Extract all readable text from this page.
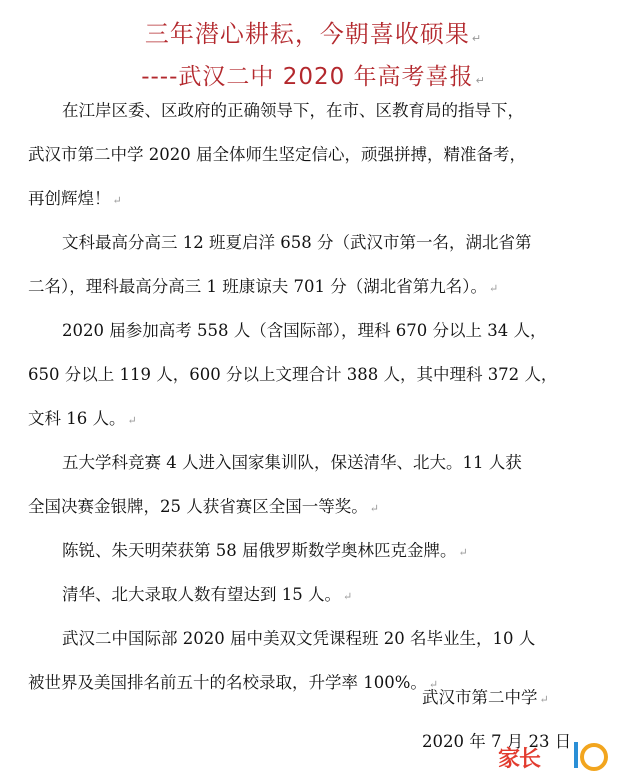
三年潜心耕耘，今朝喜收硕果 ↵
----武汉二中 2020 年高考喜报 ↵
在江岸区委、区政府的正确领导下，在市、区教育局的指导下，
武汉市第二中学 2020 届全体师生坚定信心，顽强拼搏，精准备考，
再创辉煌！ ↵
文科最高分高三 12 班夏启洋 658 分（武汉市第一名，湖北省第
二名），理科最高分高三 1 班康谅夫 701 分（湖北省第九名）。 ↵
2020 届参加高考 558 人（含国际部），理科 670 分以上 34 人，
650 分以上 119 人，600 分以上文理合计 388 人，其中理科 372 人，
文科 16 人。 ↵
五大学科竞赛 4 人进入国家集训队，保送清华、北大。11 人获
全国决赛金银牌，25 人获省赛区全国一等奖。 ↵
陈锐、朱天明荣获第 58 届俄罗斯数学奥林匹克金牌。 ↵
清华、北大录取人数有望达到 15 人。 ↵
武汉二中国际部 2020 届中美双文凭课程班 20 名毕业生，10 人
被世界及美国排名前五十的名校录取，升学率 100%。 ↵
武汉市第二中学 ↵
2020 年 7 月 23 日
家长
